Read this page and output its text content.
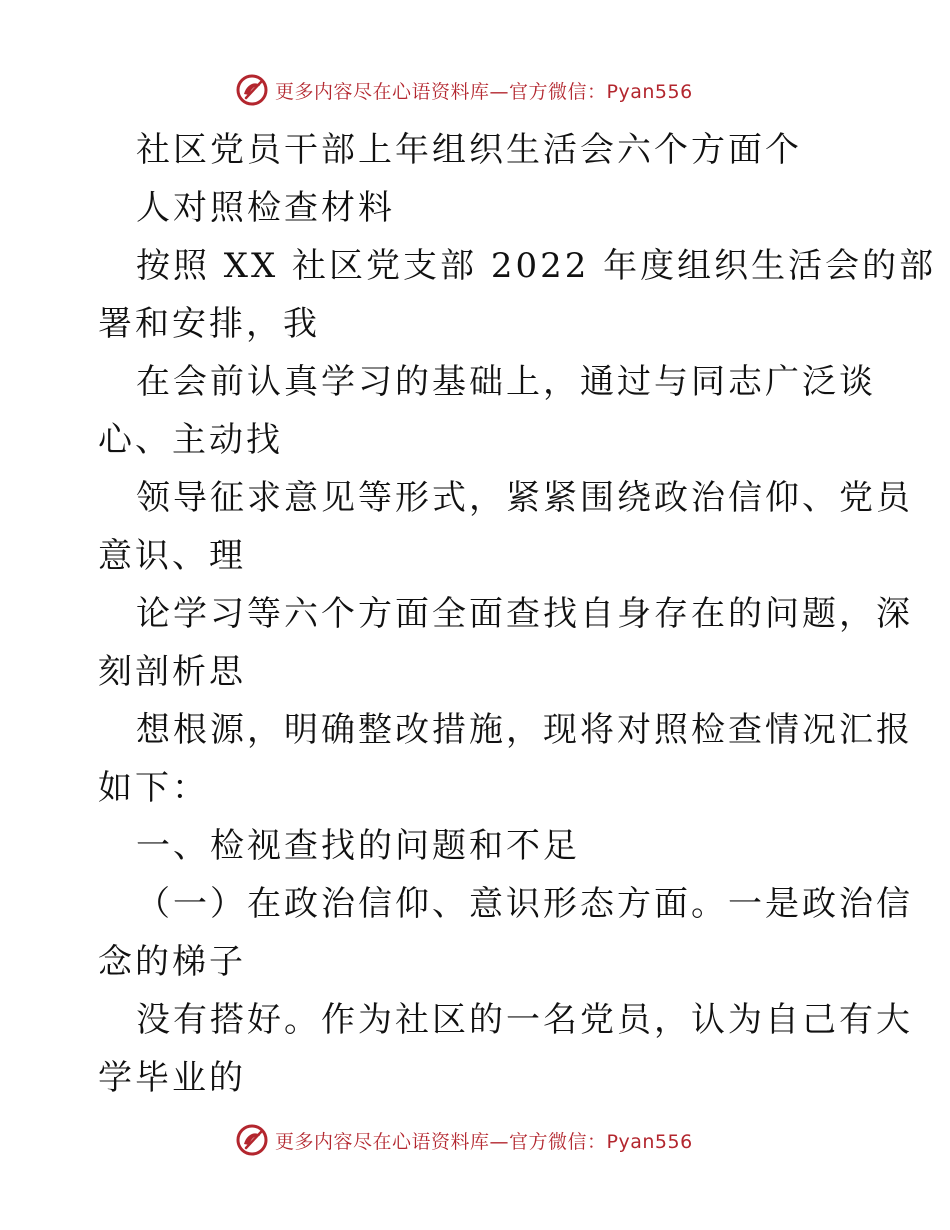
更多内容尽在心语资料库—官方微信：Pyan556

社区党员干部上年组织生活会六个方面个

人对照检查材料

按照 XX 社区党支部 2022 年度组织生活会的部

署和安排，我

在会前认真学习的基础上，通过与同志广泛谈

心、主动找

领导征求意见等形式，紧紧围绕政治信仰、党员

意识、理

论学习等六个方面全面查找自身存在的问题，深

刻剖析思

想根源，明确整改措施，现将对照检查情况汇报

如下：

一、检视查找的问题和不足

（一）在政治信仰、意识形态方面。一是政治信

念的梯子

没有搭好。作为社区的一名党员，认为自己有大

学毕业的

更多内容尽在心语资料库—官方微信：Pyan556
